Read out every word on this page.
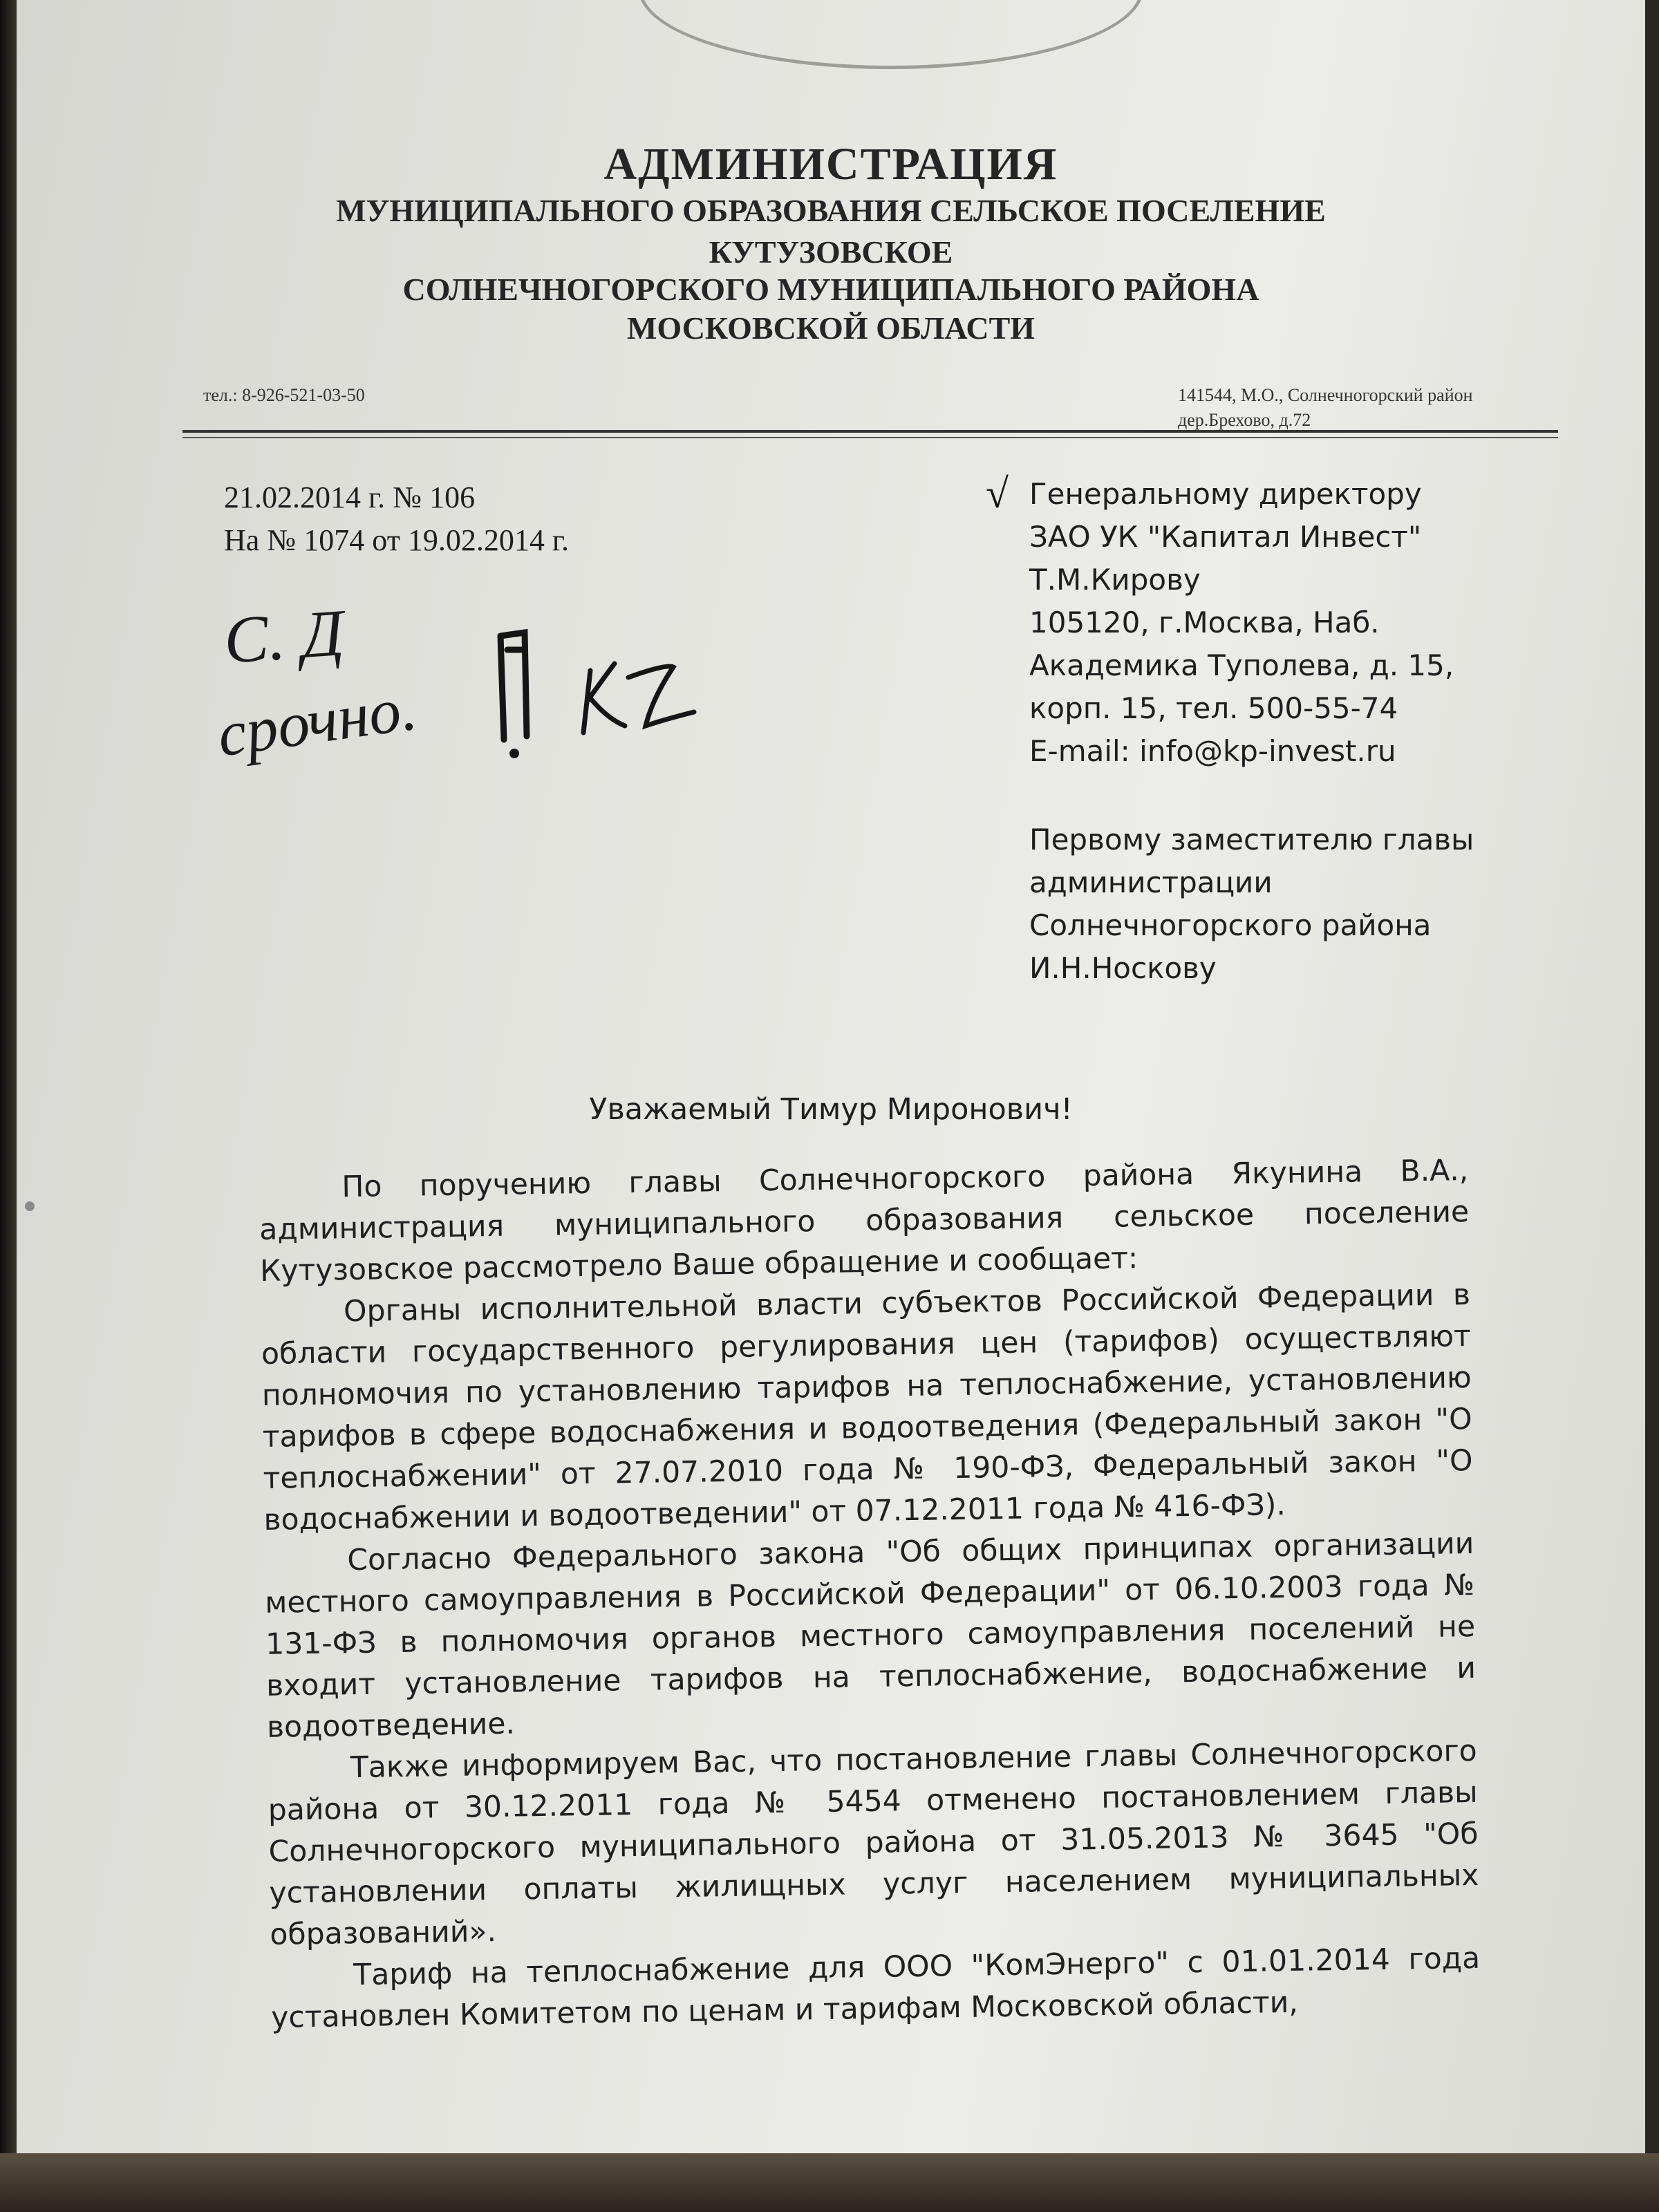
АДМИНИСТРАЦИЯ
МУНИЦИПАЛЬНОГО ОБРАЗОВАНИЯ СЕЛЬСКОЕ ПОСЕЛЕНИЕ
КУТУЗОВСКОЕ
СОЛНЕЧНОГОРСКОГО МУНИЦИПАЛЬНОГО РАЙОНА
МОСКОВСКОЙ ОБЛАСТИ
тел.: 8-926-521-03-50	141544, М.О., Солнечногорский район
дер.Брехово, д.72
21.02.2014 г. № 106
На № 1074 от 19.02.2014 г.
√ Генеральному директору
ЗАО УК "Капитал Инвест"
Т.М.Кирову
105120, г.Москва, Наб.
Академика Туполева, д. 15,
корп. 15, тел. 500-55-74
E-mail: info@kp-invest.ru
Первому заместителю главы
администрации
Солнечногорского района
И.Н.Носкову
С. Д
срочно.
Уважаемый Тимур Миронович!

По поручению главы Солнечногорского района Якунина В.А., администрация муниципального образования сельское поселение Кутузовское рассмотрело Ваше обращение и сообщает:

Органы исполнительной власти субъектов Российской Федерации в области государственного регулирования цен (тарифов) осуществляют полномочия по установлению тарифов на теплоснабжение, установлению тарифов в сфере водоснабжения и водоотведения (Федеральный закон "О теплоснабжении" от 27.07.2010 года № 190-ФЗ, Федеральный закон "О водоснабжении и водоотведении" от 07.12.2011 года № 416-ФЗ).

Согласно Федерального закона "Об общих принципах организации местного самоуправления в Российской Федерации" от 06.10.2003 года № 131-ФЗ в полномочия органов местного самоуправления поселений не входит установление тарифов на теплоснабжение, водоснабжение и водоотведение.

Также информируем Вас, что постановление главы Солнечногорского района от 30.12.2011 года № 5454 отменено постановлением главы Солнечногорского муниципального района от 31.05.2013 № 3645 "Об установлении оплаты жилищных услуг населением муниципальных образований».

Тариф на теплоснабжение для ООО "КомЭнерго" с 01.01.2014 года установлен Комитетом по ценам и тарифам Московской области,
